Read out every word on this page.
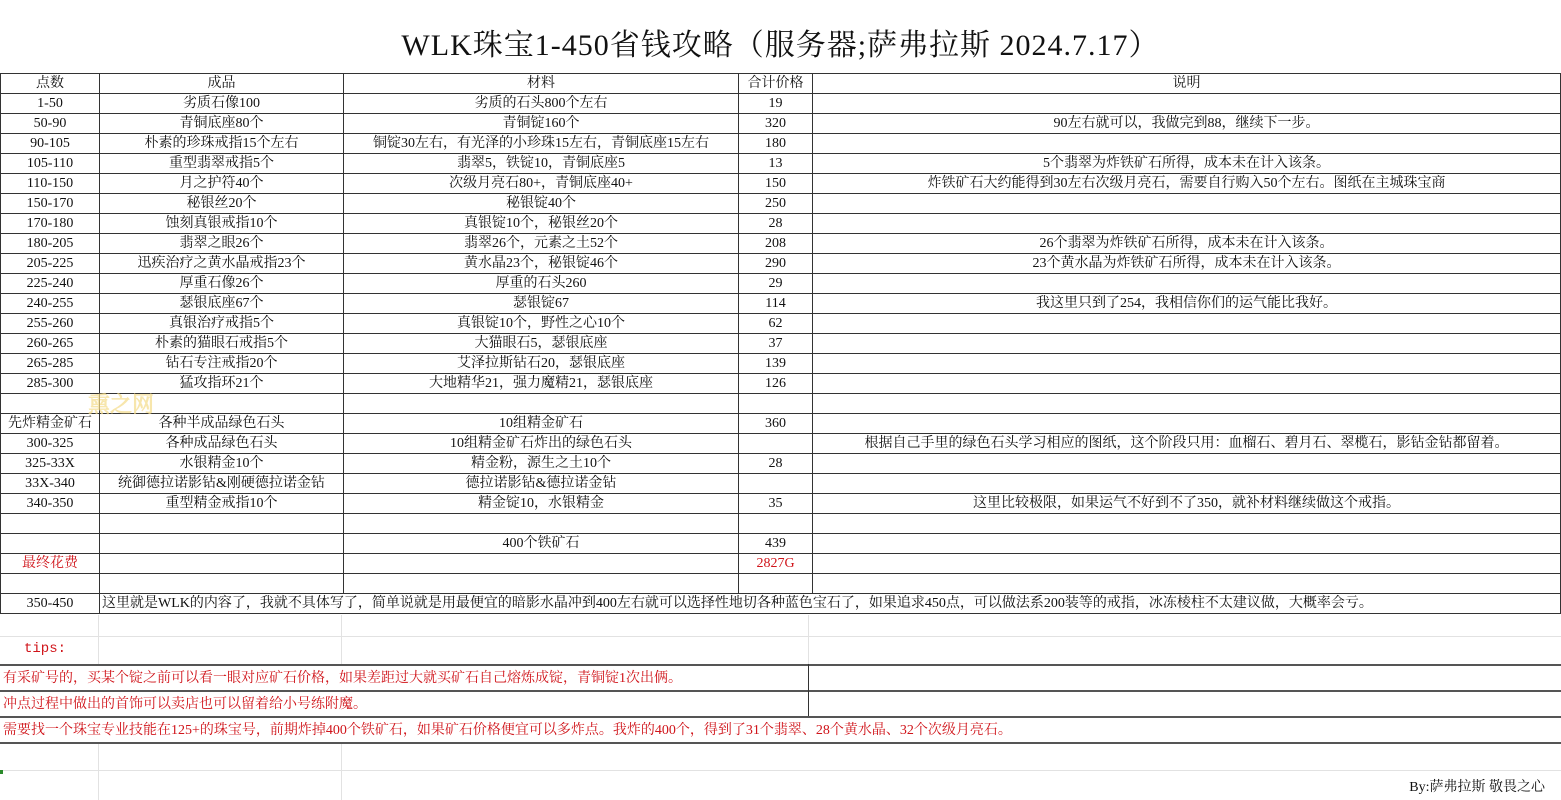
WLK珠宝1-450省钱攻略（服务器;萨弗拉斯 2024.7.17）
点数	成品	材料	合计价格	说明
1-50	劣质石像100	劣质的石头800个左右	19	
50-90	青铜底座80个	青铜锭160个	320	90左右就可以，我做完到88，继续下一步。
90-105	朴素的珍珠戒指15个左右	铜锭30左右，有光泽的小珍珠15左右，青铜底座15左右	180	
105-110	重型翡翠戒指5个	翡翠5，铁锭10，青铜底座5	13	5个翡翠为炸铁矿石所得，成本未在计入该条。
110-150	月之护符40个	次级月亮石80+，青铜底座40+	150	炸铁矿石大约能得到30左右次级月亮石，需要自行购入50个左右。图纸在主城珠宝商
150-170	秘银丝20个	秘银锭40个	250	
170-180	蚀刻真银戒指10个	真银锭10个，秘银丝20个	28	
180-205	翡翠之眼26个	翡翠26个，元素之土52个	208	26个翡翠为炸铁矿石所得，成本未在计入该条。
205-225	迅疾治疗之黄水晶戒指23个	黄水晶23个，秘银锭46个	290	23个黄水晶为炸铁矿石所得，成本未在计入该条。
225-240	厚重石像26个	厚重的石头260	29	
240-255	瑟银底座67个	瑟银锭67	114	我这里只到了254，我相信你们的运气能比我好。
255-260	真银治疗戒指5个	真银锭10个，野性之心10个	62	
260-265	朴素的猫眼石戒指5个	大猫眼石5，瑟银底座	37	
265-285	钻石专注戒指20个	艾泽拉斯钻石20，瑟银底座	139	
285-300	猛攻指环21个	大地精华21，强力魔精21，瑟银底座	126	

先炸精金矿石	各种半成品绿色石头	10组精金矿石	360	
300-325	各种成品绿色石头	10组精金矿石炸出的绿色石头		根据自己手里的绿色石头学习相应的图纸，这个阶段只用：血榴石、碧月石、翠榄石，影钻金钻都留着。
325-33X	水银精金10个	精金粉，源生之土10个	28	
33X-340	统御德拉诺影钻&刚硬德拉诺金钻	德拉诺影钻&德拉诺金钻		
340-350	重型精金戒指10个	精金锭10，水银精金	35	这里比较极限，如果运气不好到不了350，就补材料继续做这个戒指。

		400个铁矿石	439	
最终花费			2827G	

350-450	这里就是WLK的内容了，我就不具体写了，简单说就是用最便宜的暗影水晶冲到400左右就可以选择性地切各种蓝色宝石了，如果追求450点，可以做法系200装等的戒指，冰冻棱柱不太建议做，大概率会亏。			
熏之网
tips:
有采矿号的，买某个锭之前可以看一眼对应矿石价格，如果差距过大就买矿石自己熔炼成锭，青铜锭1次出俩。
冲点过程中做出的首饰可以卖店也可以留着给小号练附魔。
需要找一个珠宝专业技能在125+的珠宝号，前期炸掉400个铁矿石，如果矿石价格便宜可以多炸点。我炸的400个，得到了31个翡翠、28个黄水晶、32个次级月亮石。
By:萨弗拉斯 敬畏之心
